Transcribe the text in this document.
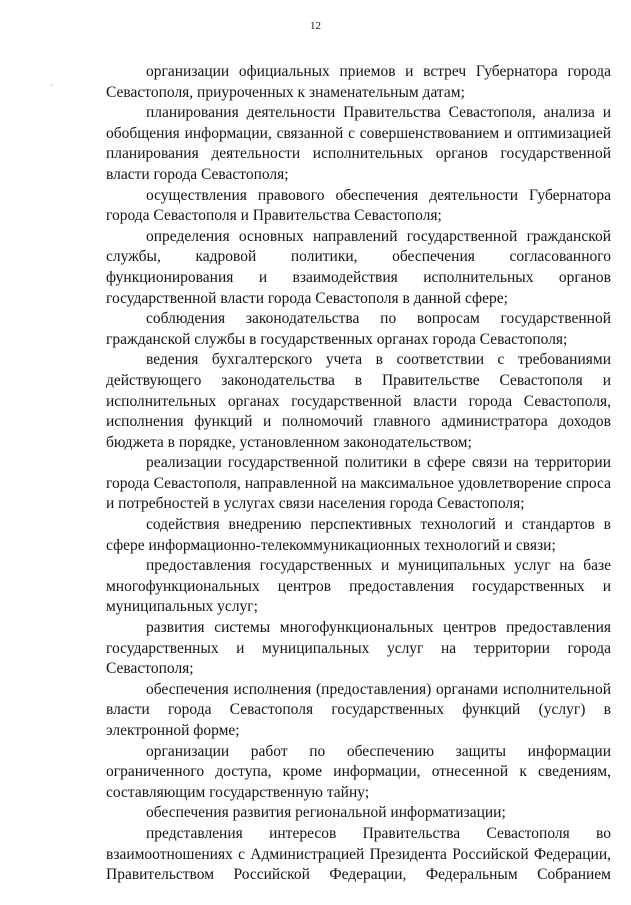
12
·

организации официальных приемов и встреч Губернатора города Севастополя, приуроченных к знаменательным датам;

планирования деятельности Правительства Севастополя, анализа и обобщения информации, связанной с совершенствованием и оптимизацией планирования деятельности исполнительных органов государственной власти города Севастополя;

осуществления правового обеспечения деятельности Губернатора города Севастополя и Правительства Севастополя;

определения основных направлений государственной гражданской службы, кадровой политики, обеспечения согласованного функционирования и взаимодействия исполнительных органов государственной власти города Севастополя в данной сфере;

соблюдения законодательства по вопросам государственной гражданской службы в государственных органах города Севастополя;

ведения бухгалтерского учета в соответствии с требованиями действующего законодательства в Правительстве Севастополя и исполнительных органах государственной власти города Севастополя, исполнения функций и полномочий главного администратора доходов бюджета в порядке, установленном законодательством;

реализации государственной политики в сфере связи на территории города Севастополя, направленной на максимальное удовлетворение спроса и потребностей в услугах связи населения города Севастополя;

содействия внедрению перспективных технологий и стандартов в сфере информационно-телекоммуникационных технологий и связи;

предоставления государственных и муниципальных услуг на базе многофункциональных центров предоставления государственных и муниципальных услуг;

развития системы многофункциональных центров предоставления государственных и муниципальных услуг на территории города Севастополя;

обеспечения исполнения (предоставления) органами исполнительной власти города Севастополя государственных функций (услуг) в электронной форме;

организации работ по обеспечению защиты информации ограниченного доступа, кроме информации, отнесенной к сведениям, составляющим государственную тайну;

обеспечения развития региональной информатизации;

представления интересов Правительства Севастополя во взаимоотношениях с Администрацией Президента Российской Федерации, Правительством Российской Федерации, Федеральным Собранием
